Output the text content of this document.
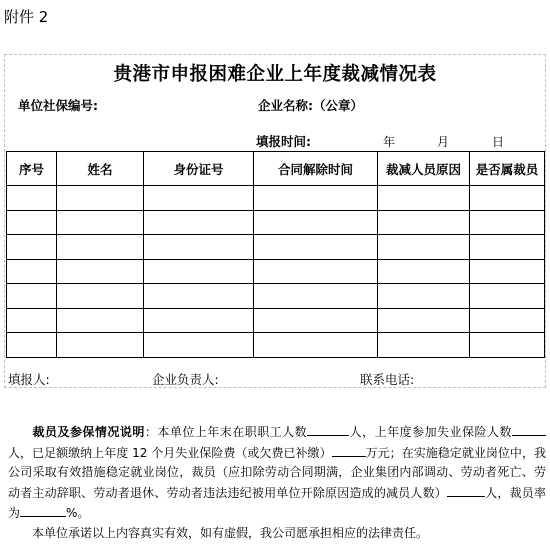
附件 2
贵港市申报困难企业上年度裁减情况表
单位社保编号:	企业名称:（公章）
填报时间:	年	月	日
序号	姓名	身份证号	合同解除时间	裁减人员原因	是否属裁员

填报人:	企业负责人:	联系电话:
裁员及参保情况说明：本单位上年末在职职工人数	人，上年度参加失业保险人数人，已足额缴纳上年度 12 个月失业保险费（或欠费已补缴）	万元；在实施稳定就业岗位中，我公司采取有效措施稳定就业岗位，裁员（应扣除劳动合同期满，企业集团内部调动、劳动者死亡、劳动者主动辞职、劳动者退休、劳动者违法违纪被用单位开除原因造成的减员人数）	人，裁员率为	%。
本单位承诺以上内容真实有效，如有虚假，我公司愿承担相应的法律责任。
